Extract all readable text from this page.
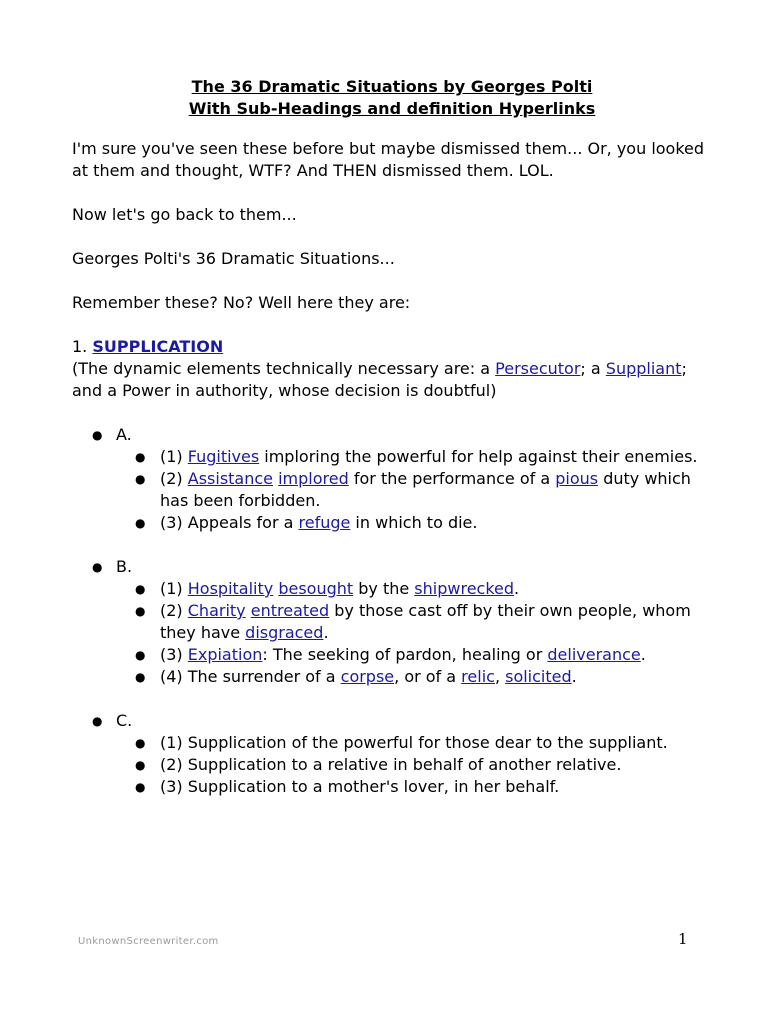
The 36 Dramatic Situations by Georges Polti
With Sub-Headings and definition Hyperlinks

I'm sure you've seen these before but maybe dismissed them... Or, you looked at them and thought, WTF? And THEN dismissed them. LOL.

Now let's go back to them...

Georges Polti's 36 Dramatic Situations...

Remember these? No? Well here they are:

1. SUPPLICATION

(The dynamic elements technically necessary are: a Persecutor; a Suppliant; and a Power in authority, whose decision is doubtful)

● A.
● (1) Fugitives imploring the powerful for help against their enemies.
● (2) Assistance implored for the performance of a pious duty which has been forbidden.
● (3) Appeals for a refuge in which to die.
● B.
● (1) Hospitality besought by the shipwrecked.
● (2) Charity entreated by those cast off by their own people, whom they have disgraced.
● (3) Expiation: The seeking of pardon, healing or deliverance.
● (4) The surrender of a corpse, or of a relic, solicited.
● C.
● (1) Supplication of the powerful for those dear to the suppliant.
● (2) Supplication to a relative in behalf of another relative.
● (3) Supplication to a mother's lover, in her behalf.
UnknownScreenwriter.com	1
